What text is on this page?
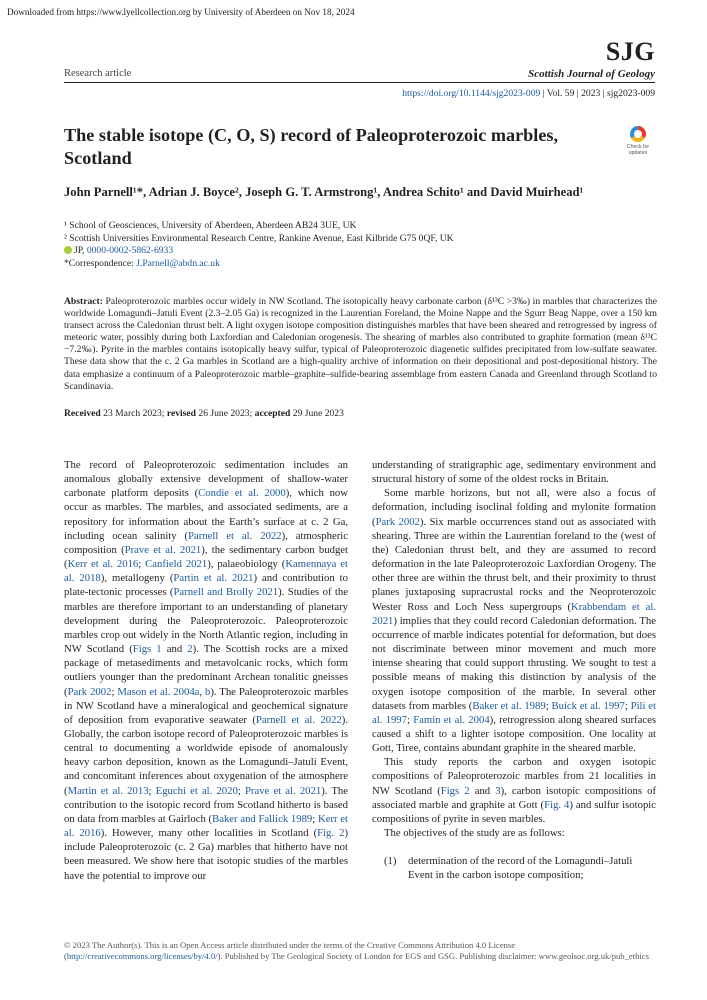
Downloaded from https://www.lyellcollection.org by University of Aberdeen on Nov 18, 2024
SJG
Scottish Journal of Geology
Research article
https://doi.org/10.1144/sjg2023-009 | Vol. 59 | 2023 | sjg2023-009
The stable isotope (C, O, S) record of Paleoproterozoic marbles, Scotland
Check for updates
John Parnell¹*, Adrian J. Boyce², Joseph G. T. Armstrong¹, Andrea Schito¹ and David Muirhead¹
¹ School of Geosciences, University of Aberdeen, Aberdeen AB24 3UE, UK
² Scottish Universities Environmental Research Centre, Rankine Avenue, East Kilbride G75 0QF, UK
JP, 0000-0002-5862-6933
*Correspondence: J.Parnell@abdn.ac.uk
Abstract: Paleoproterozoic marbles occur widely in NW Scotland. The isotopically heavy carbonate carbon (δ¹³C >3‰) in marbles that characterizes the worldwide Lomagundi–Jatuli Event (2.3–2.05 Ga) is recognized in the Laurentian Foreland, the Moine Nappe and the Sgurr Beag Nappe, over a 150 km transect across the Caledonian thrust belt. A light oxygen isotope composition distinguishes marbles that have been sheared and retrogressed by ingress of meteoric water, possibly during both Laxfordian and Caledonian orogenesis. The shearing of marbles also contributed to graphite formation (mean δ¹³C −7.2‰). Pyrite in the marbles contains isotopically heavy sulfur, typical of Paleoproterozoic diagenetic sulfides precipitated from low-sulfate seawater. These data show that the c. 2 Ga marbles in Scotland are a high-quality archive of information on their depositional and post-depositional history. The data emphasize a continuum of a Paleoproterozoic marble–graphite–sulfide-bearing assemblage from eastern Canada and Greenland through Scotland to Scandinavia.
Received 23 March 2023; revised 26 June 2023; accepted 29 June 2023

The record of Paleoproterozoic sedimentation includes an anomalous globally extensive development of shallow-water carbonate platform deposits (Condie et al. 2000), which now occur as marbles. The marbles, and associated sediments, are a repository for information about the Earth’s surface at c. 2 Ga, including ocean salinity (Parnell et al. 2022), atmospheric composition (Prave et al. 2021), the sedimentary carbon budget (Kerr et al. 2016; Canfield 2021), palaeobiology (Kamennaya et al. 2018), metallogeny (Partin et al. 2021) and contribution to plate-tectonic processes (Parnell and Brolly 2021). Studies of the marbles are therefore important to an understanding of planetary development during the Paleoproterozoic. Paleoproterozoic marbles crop out widely in the North Atlantic region, including in NW Scotland (Figs 1 and 2). The Scottish rocks are a mixed package of metasediments and metavolcanic rocks, which form outliers younger than the predominant Archean tonalitic gneisses (Park 2002; Mason et al. 2004a, b). The Paleoproterozoic marbles in NW Scotland have a mineralogical and geochemical signature of deposition from evaporative seawater (Parnell et al. 2022). Globally, the carbon isotope record of Paleoproterozoic marbles is central to documenting a worldwide episode of anomalously heavy carbon deposition, known as the Lomagundi–Jatuli Event, and concomitant inferences about oxygenation of the atmosphere (Martin et al. 2013; Eguchi et al. 2020; Prave et al. 2021). The contribution to the isotopic record from Scotland hitherto is based on data from marbles at Gairloch (Baker and Fallick 1989; Kerr et al. 2016). However, many other localities in Scotland (Fig. 2) include Paleoproterozoic (c. 2 Ga) marbles that hitherto have not been measured. We show here that isotopic studies of the marbles have the potential to improve our

understanding of stratigraphic age, sedimentary environment and structural history of some of the oldest rocks in Britain.

Some marble horizons, but not all, were also a focus of deformation, including isoclinal folding and mylonite formation (Park 2002). Six marble occurrences stand out as associated with shearing. Three are within the Laurentian foreland to the (west of the) Caledonian thrust belt, and they are assumed to record deformation in the late Paleoproterozoic Laxfordian Orogeny. The other three are within the thrust belt, and their proximity to thrust planes juxtaposing supracrustal rocks and the Neoproterozoic Wester Ross and Loch Ness supergroups (Krabbendam et al. 2021) implies that they could record Caledonian deformation. The occurrence of marble indicates potential for deformation, but does not discriminate between minor movement and much more intense shearing that could support thrusting. We sought to test a possible means of making this distinction by analysis of the oxygen isotope composition of the marble. In several other datasets from marbles (Baker et al. 1989; Buick et al. 1997; Pili et al. 1997; Famin et al. 2004), retrogression along sheared surfaces caused a shift to a lighter isotope composition. One locality at Gott, Tiree, contains abundant graphite in the sheared marble.

This study reports the carbon and oxygen isotopic compositions of Paleoproterozoic marbles from 21 localities in NW Scotland (Figs 2 and 3), carbon isotopic compositions of associated marble and graphite at Gott (Fig. 4) and sulfur isotopic compositions of pyrite in seven marbles.

The objectives of the study are as follows:

(1)	determination of the record of the Lomagundi–Jatuli Event in the carbon isotope composition;
© 2023 The Author(s). This is an Open Access article distributed under the terms of the Creative Commons Attribution 4.0 License (http://creativecommons.org/licenses/by/4.0/). Published by The Geological Society of London for EGS and GSG. Publishing disclaimer: www.geolsoc.org.uk/pub_ethics
